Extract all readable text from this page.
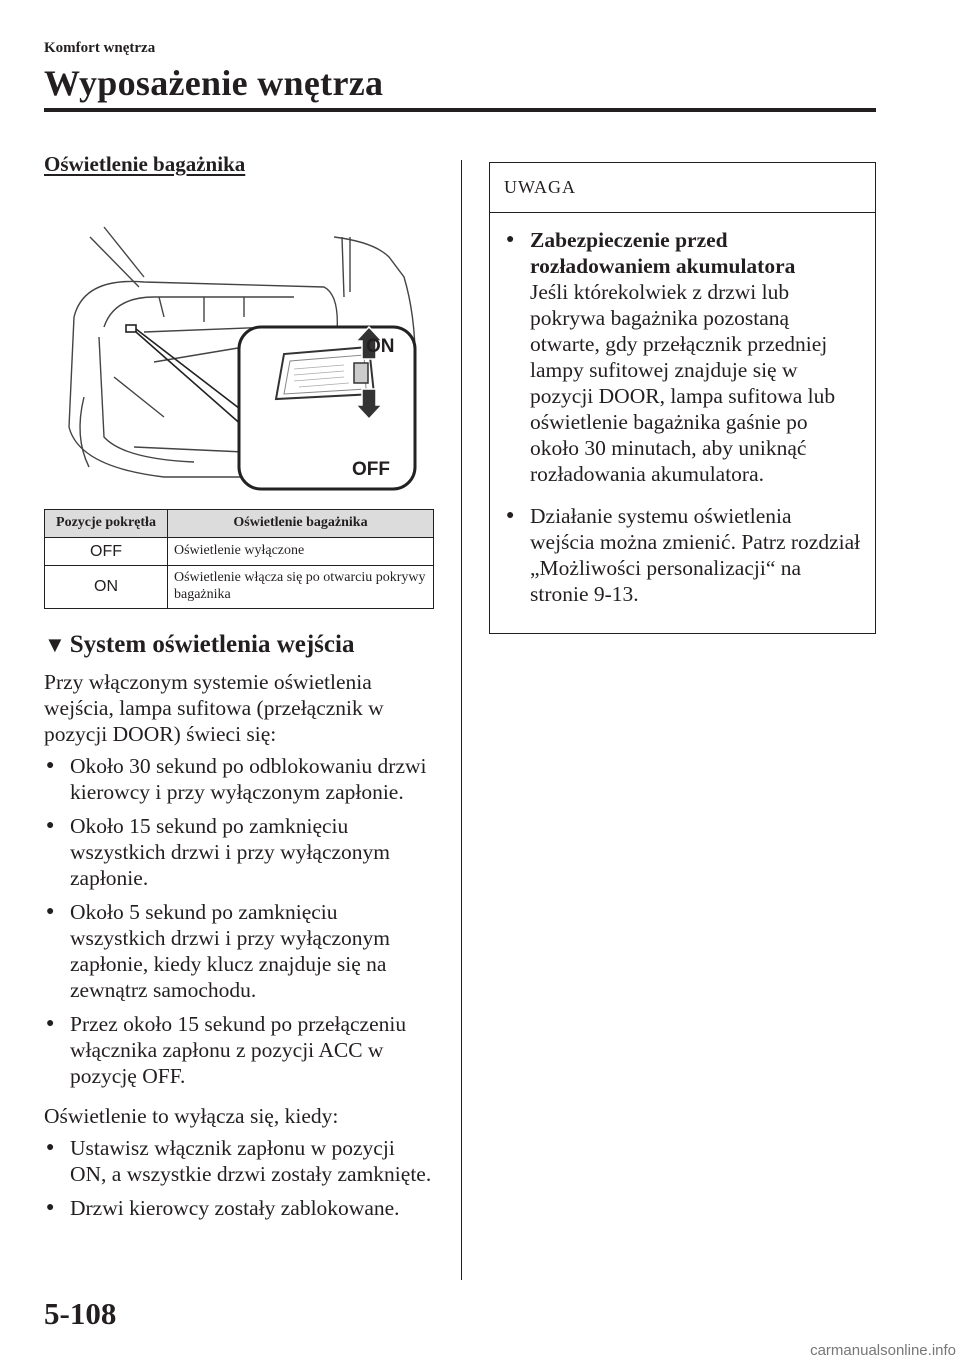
Komfort wnętrza
Wyposażenie wnętrza
Oświetlenie bagażnika
ON
OFF
Pozycje pokrętła	Oświetlenie bagażnika
OFF	Oświetlenie wyłączone
ON	Oświetlenie włącza się po otwarciu pokrywy bagażnika
▼ System oświetlenia wejścia

Przy włączonym systemie oświetlenia wejścia, lampa sufitowa (przełącznik w pozycji DOOR) świeci się:

● Około 30 sekund po odblokowaniu drzwi kierowcy i przy wyłączonym zapłonie.
● Około 15 sekund po zamknięciu wszystkich drzwi i przy wyłączonym zapłonie.
● Około 5 sekund po zamknięciu wszystkich drzwi i przy wyłączonym zapłonie, kiedy klucz znajduje się na zewnątrz samochodu.
● Przez około 15 sekund po przełączeniu włącznika zapłonu z pozycji ACC w pozycję OFF.

Oświetlenie to wyłącza się, kiedy:

● Ustawisz włącznik zapłonu w pozycji ON, a wszystkie drzwi zostały zamknięte.
● Drzwi kierowcy zostały zablokowane.
UWAGA
● Zabezpieczenie przed rozładowaniem akumulatora
Jeśli którekolwiek z drzwi lub pokrywa bagażnika pozostaną otwarte, gdy przełącznik przedniej lampy sufitowej znajduje się w pozycji DOOR, lampa sufitowa lub oświetlenie bagażnika gaśnie po około 30 minutach, aby uniknąć rozładowania akumulatora.
● Działanie systemu oświetlenia wejścia można zmienić. Patrz rozdział „Możliwości personalizacji“ na stronie 9-13.
5-108
carmanualsonline.info
